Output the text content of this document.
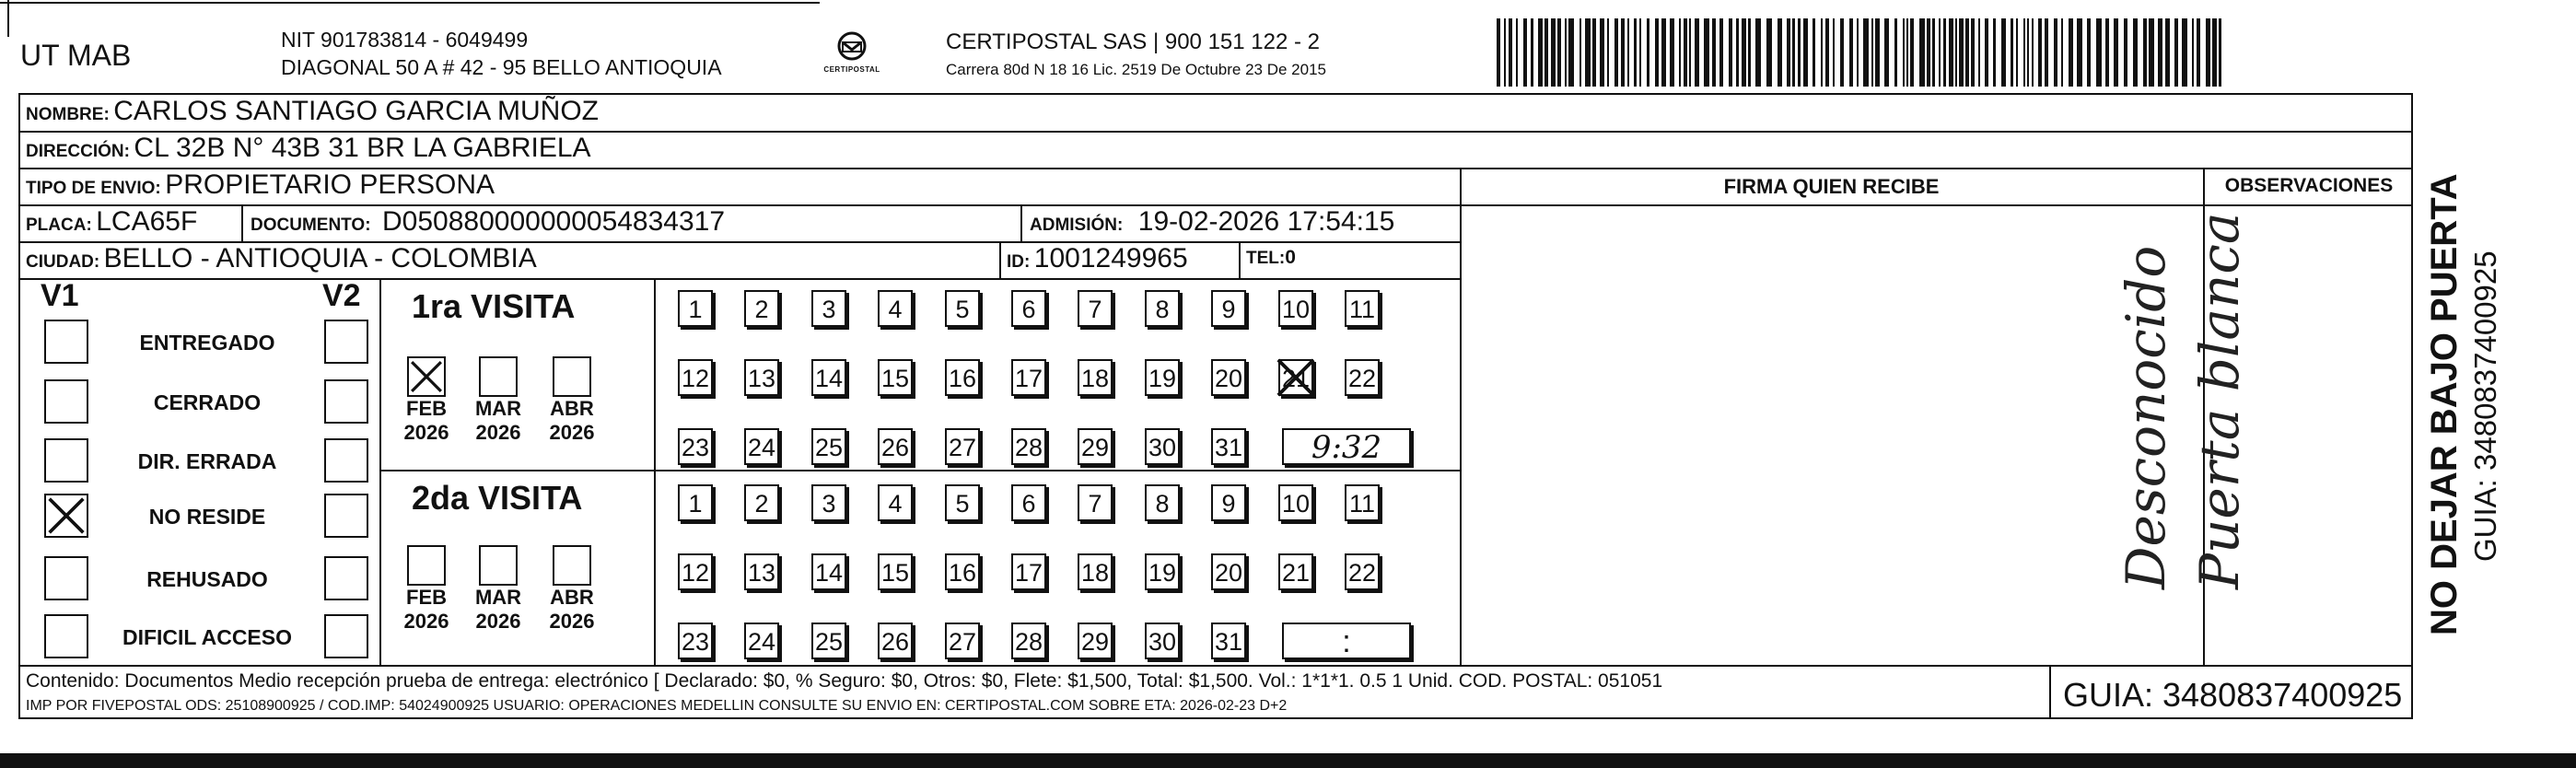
UT MAB	NIT 901783814 - 6049499
DIAGONAL 50 A # 42 - 95 BELLO ANTIOQUIA	CERTIPOSTAL
CERTIPOSTAL SAS | 900 151 122 - 2
Carrera 80d N 18 16 Lic. 2519 De Octubre 23 De 2015
NOMBRE: CARLOS SANTIAGO GARCIA MUÑOZ
DIRECCIÓN: CL 32B N° 43B 31 BR LA GABRIELA
TIPO DE ENVIO: PROPIETARIO PERSONA
PLACA: LCA65F	DOCUMENTO: D050880000000054834317	ADMISIÓN: 19-02-2026 17:54:15
CIUDAD: BELLO - ANTIOQUIA - COLOMBIA	ID: 1001249965	TEL:0
FIRMA QUIEN RECIBE	OBSERVACIONES
V1	V2
ENTREGADO
CERRADO
DIR. ERRADA
NO RESIDE
REHUSADO
DIFICIL ACCESO
1ra VISITA
2da VISITA
FEB
2026
MAR
2026
ABR
2026
FEB
2026
MAR
2026
ABR
2026
1	2	3	4	5	6	7	8	9	10 11
12 13 14 15 16 17 18 19 20 21 22
23 24 25 26 27 28 29 30 31	9:32
1	2	3	4	5	6	7	8	9	10 11
12 13 14 15 16 17 18 19 20 21 22
23 24 25 26 27 28 29 30 31	:
Desconocido Puerta blanca
Contenido: Documentos Medio recepción prueba de entrega: electrónico [ Declarado: $0, % Seguro: $0, Otros: $0, Flete: $1,500, Total: $1,500. Vol.: 1*1*1. 0.5 1 Unid. COD. POSTAL: 051051
IMP POR FIVEPOSTAL ODS: 25108900925 / COD.IMP: 54024900925 USUARIO: OPERACIONES MEDELLIN CONSULTE SU ENVIO EN: CERTIPOSTAL.COM SOBRE ETA: 2026-02-23 D+2	GUIA: 3480837400925
NO DEJAR BAJO PUERTA GUIA: 3480837400925
